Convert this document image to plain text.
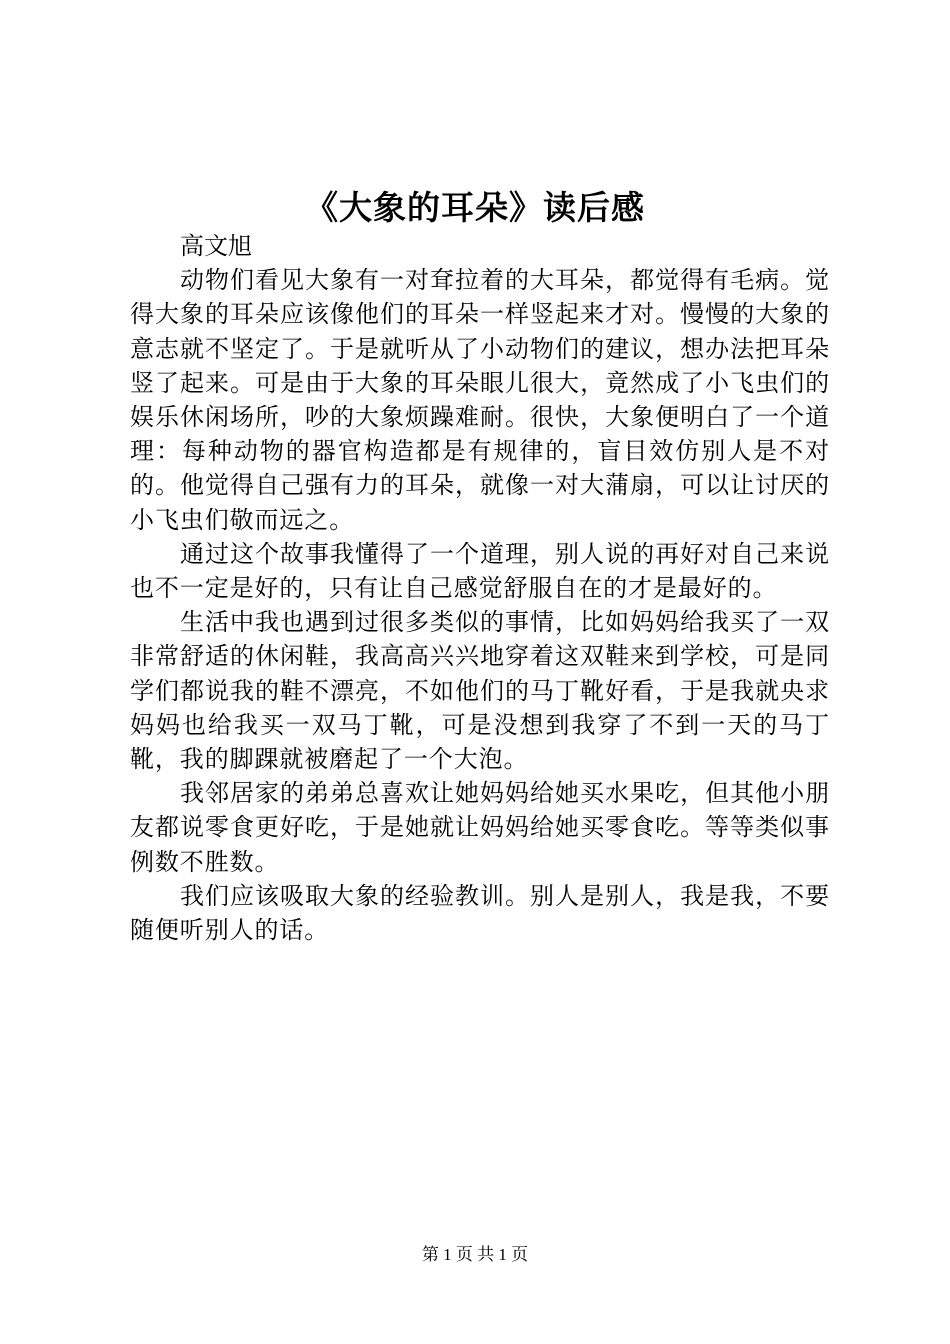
《大象的耳朵》读后感

高文旭

动物们看见大象有一对耷拉着的大耳朵，都觉得有毛病。觉得大象的耳朵应该像他们的耳朵一样竖起来才对。慢慢的大象的意志就不坚定了。于是就听从了小动物们的建议，想办法把耳朵竖了起来。可是由于大象的耳朵眼儿很大，竟然成了小飞虫们的娱乐休闲场所，吵的大象烦躁难耐。很快，大象便明白了一个道理：每种动物的器官构造都是有规律的，盲目效仿别人是不对的。他觉得自己强有力的耳朵，就像一对大蒲扇，可以让讨厌的小飞虫们敬而远之。

通过这个故事我懂得了一个道理，别人说的再好对自己来说也不一定是好的，只有让自己感觉舒服自在的才是最好的。

生活中我也遇到过很多类似的事情，比如妈妈给我买了一双非常舒适的休闲鞋，我高高兴兴地穿着这双鞋来到学校，可是同学们都说我的鞋不漂亮，不如他们的马丁靴好看，于是我就央求妈妈也给我买一双马丁靴，可是没想到我穿了不到一天的马丁靴，我的脚踝就被磨起了一个大泡。

我邻居家的弟弟总喜欢让她妈妈给她买水果吃，但其他小朋友都说零食更好吃，于是她就让妈妈给她买零食吃。等等类似事例数不胜数。

我们应该吸取大象的经验教训。别人是别人，我是我，不要随便听别人的话。

第 1 页 共 1 页
